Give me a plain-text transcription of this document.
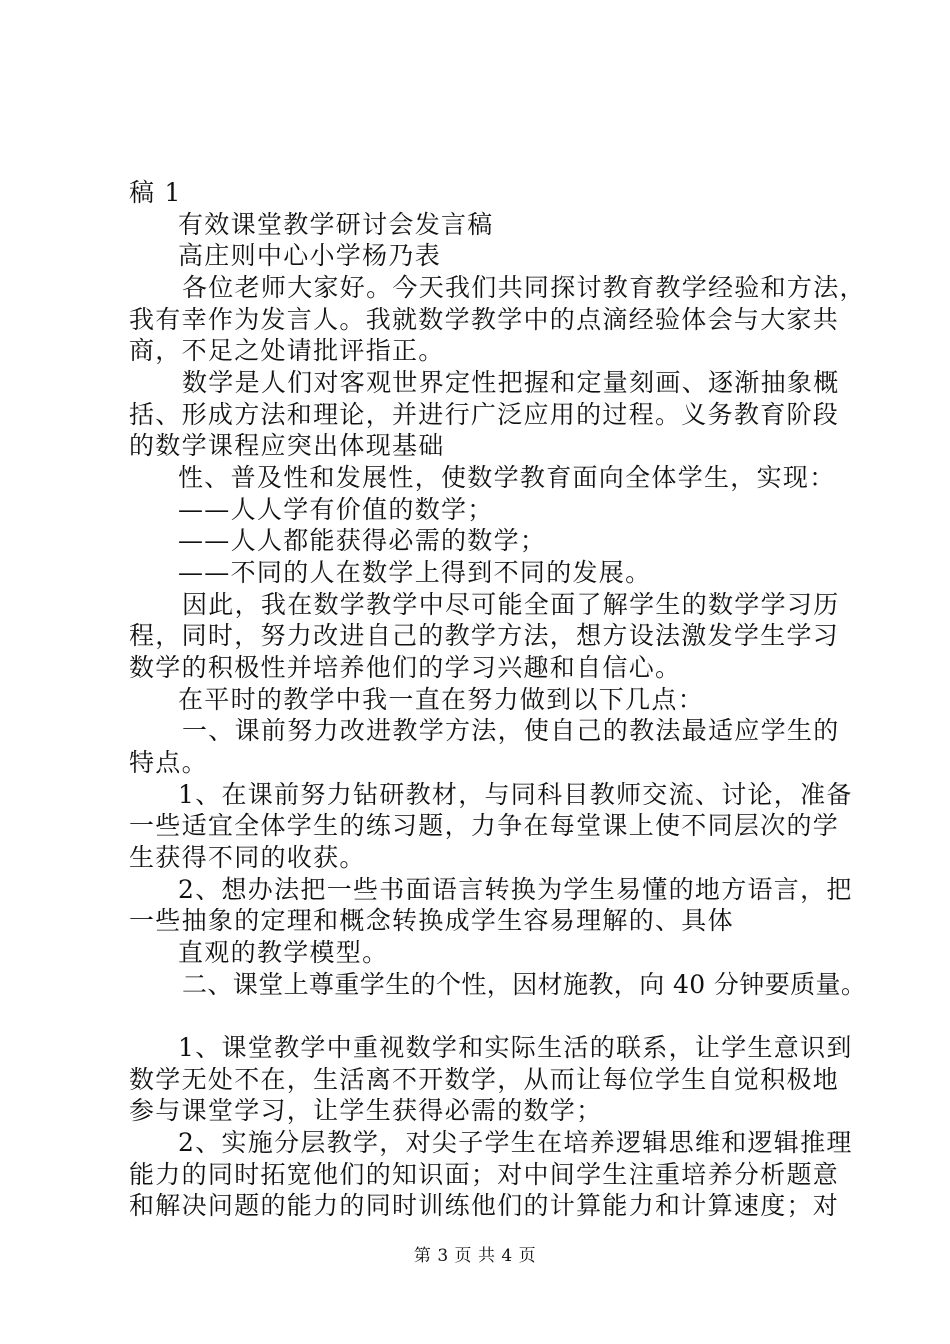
稿 1
有效课堂教学研讨会发言稿
高庄则中心小学杨乃表
各位老师大家好。今天我们共同探讨教育教学经验和方法，
我有幸作为发言人。我就数学教学中的点滴经验体会与大家共
商，不足之处请批评指正。
数学是人们对客观世界定性把握和定量刻画、逐渐抽象概
括、形成方法和理论，并进行广泛应用的过程。义务教育阶段
的数学课程应突出体现基础
性、普及性和发展性，使数学教育面向全体学生，实现：
——人人学有价值的数学；
——人人都能获得必需的数学；
——不同的人在数学上得到不同的发展。
因此，我在数学教学中尽可能全面了解学生的数学学习历
程，同时，努力改进自己的教学方法，想方设法激发学生学习
数学的积极性并培养他们的学习兴趣和自信心。
在平时的教学中我一直在努力做到以下几点：
一、课前努力改进教学方法，使自己的教法最适应学生的
特点。
1、在课前努力钻研教材，与同科目教师交流、讨论，准备
一些适宜全体学生的练习题，力争在每堂课上使不同层次的学
生获得不同的收获。
2、想办法把一些书面语言转换为学生易懂的地方语言，把
一些抽象的定理和概念转换成学生容易理解的、具体
直观的教学模型。
二、课堂上尊重学生的个性，因材施教，向 40 分钟要质量。
1、课堂教学中重视数学和实际生活的联系，让学生意识到
数学无处不在，生活离不开数学，从而让每位学生自觉积极地
参与课堂学习，让学生获得必需的数学；
2、实施分层教学，对尖子学生在培养逻辑思维和逻辑推理
能力的同时拓宽他们的知识面；对中间学生注重培养分析题意
和解决问题的能力的同时训练他们的计算能力和计算速度；对
第 3 页 共 4 页
